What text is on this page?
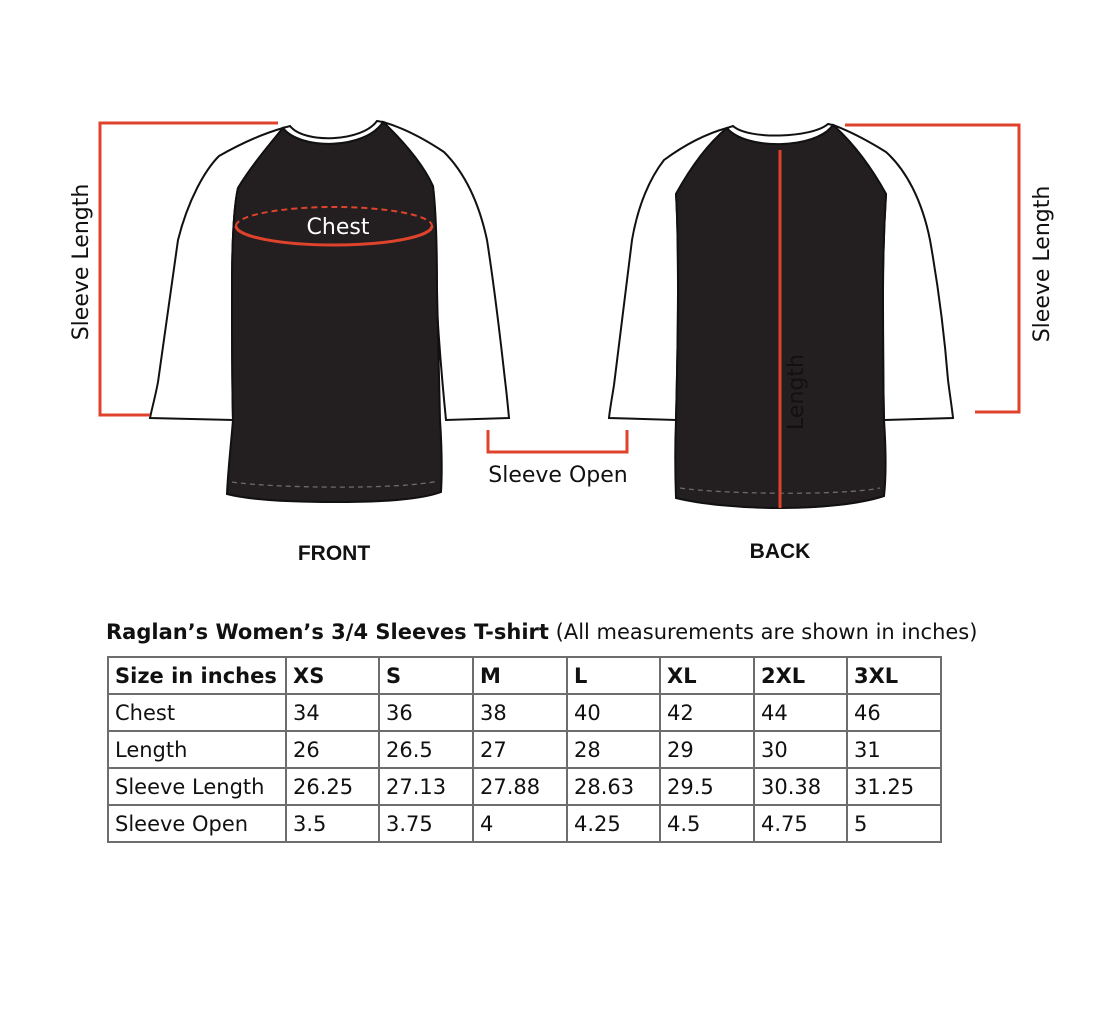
Chest
Length
Sleeve Length	Sleeve Length
Sleeve Open
FRONT	BACK
Raglan’s Women’s 3/4 Sleeves T-shirt (All measurements are shown in inches)
Size in inches	XS	S	M	L	XL	2XL	3XL
Chest	34	36	38	40	42	44	46
Length	26	26.5	27	28	29	30	31
Sleeve Length	26.25	27.13	27.88	28.63	29.5	30.38	31.25
Sleeve Open	3.5	3.75	4	4.25	4.5	4.75	5
